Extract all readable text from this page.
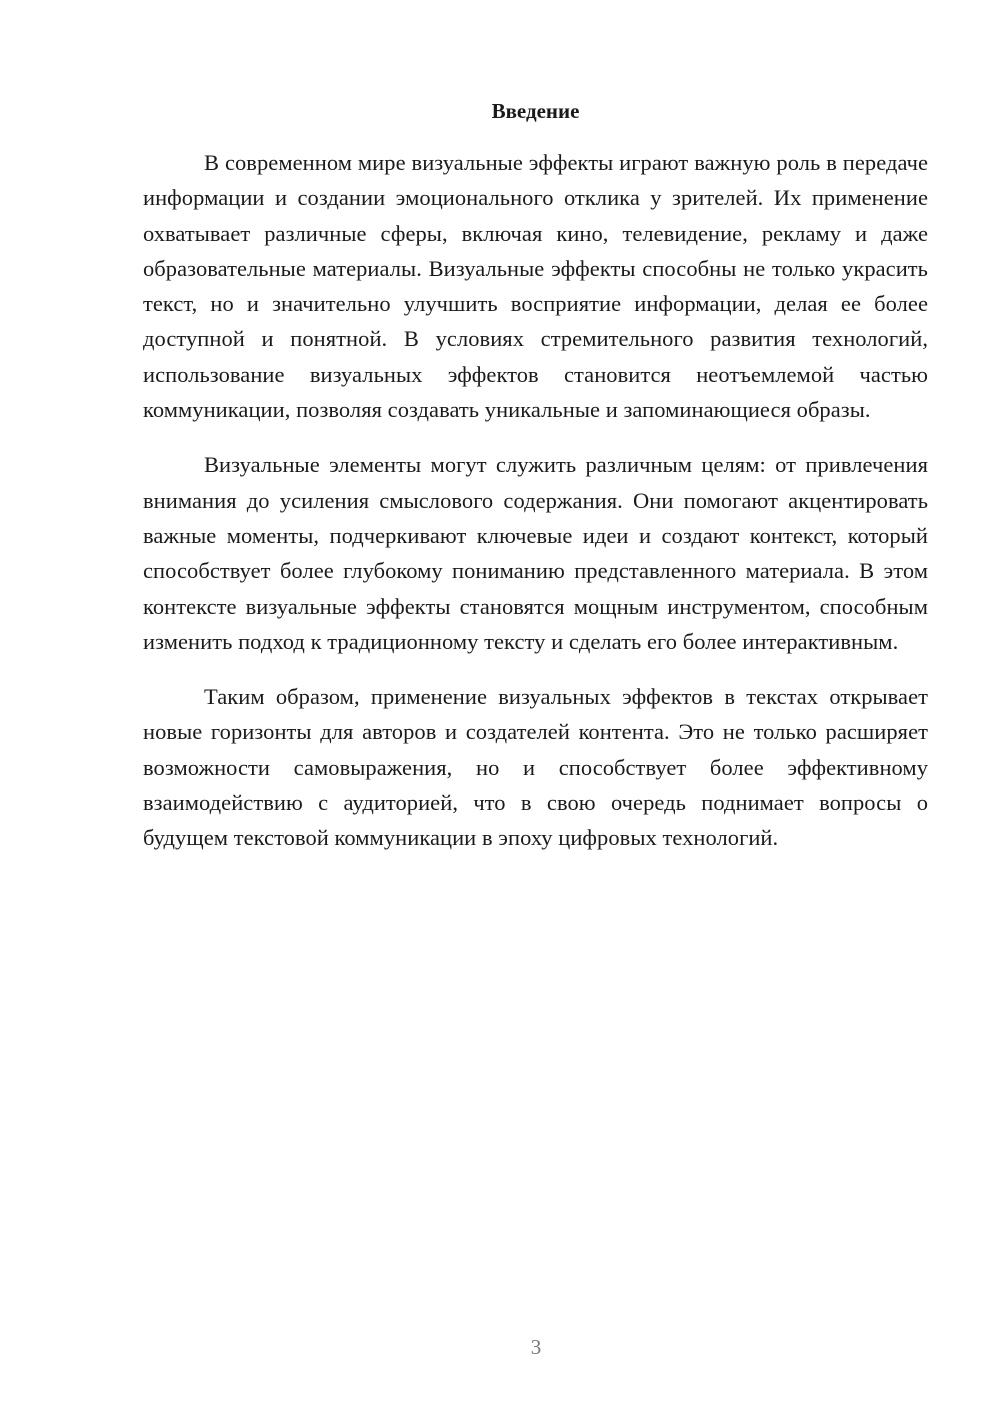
Введение

В современном мире визуальные эффекты играют важную роль в передаче информации и создании эмоционального отклика у зрителей. Их применение охватывает различные сферы, включая кино, телевидение, рекламу и даже образовательные материалы. Визуальные эффекты способны не только украсить текст, но и значительно улучшить восприятие информации, делая ее более доступной и понятной. В условиях стремительного развития технологий, использование визуальных эффектов становится неотъемлемой частью коммуникации, позволяя создавать уникальные и запоминающиеся образы.

Визуальные элементы могут служить различным целям: от привлечения внимания до усиления смыслового содержания. Они помогают акцентировать важные моменты, подчеркивают ключевые идеи и создают контекст, который способствует более глубокому пониманию представленного материала. В этом контексте визуальные эффекты становятся мощным инструментом, способным изменить подход к традиционному тексту и сделать его более интерактивным.

Таким образом, применение визуальных эффектов в текстах открывает новые горизонты для авторов и создателей контента. Это не только расширяет возможности самовыражения, но и способствует более эффективному взаимодействию с аудиторией, что в свою очередь поднимает вопросы о будущем текстовой коммуникации в эпоху цифровых технологий.

3
